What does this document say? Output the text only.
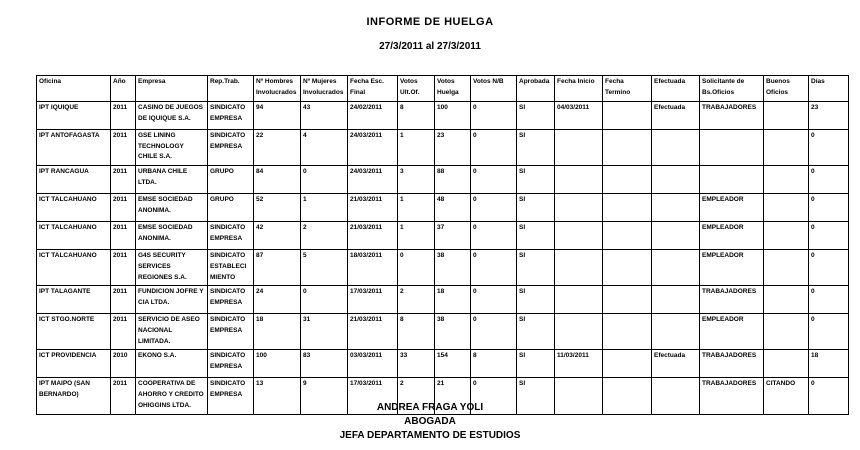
INFORME DE HUELGA
27/3/2011 al 27/3/2011
Oficina	Año	Empresa	Rep.Trab.	Nº Hombres Involucrados	Nº Mujeres Involucrados	Fecha Esc. Final	Votos Ult.Of.	Votos Huelga	Votos N/B	Aprobada	Fecha Inicio	Fecha Termino	Efectuada	Solicitante de Bs.Oficios	Buenos Oficios	Días
IPT IQUIQUE	2011	CASINO DE JUEGOS DE IQUIQUE S.A.	SINDICATO EMPRESA	94	43	24/02/2011	8	100	0	SI	04/03/2011		Efectuada	TRABAJADORES		23
IPT ANTOFAGASTA	2011	GSE LINING TECHNOLOGY CHILE S.A.	SINDICATO EMPRESA	22	4	24/03/2011	1	23	0	SI						0
IPT RANCAGUA	2011	URBANA CHILE LTDA.	GRUPO	84	0	24/03/2011	3	88	0	SI						0
ICT TALCAHUANO	2011	EMSE SOCIEDAD ANONIMA.	GRUPO	52	1	21/03/2011	1	48	0	SI				EMPLEADOR		0
ICT TALCAHUANO	2011	EMSE SOCIEDAD ANONIMA.	SINDICATO EMPRESA	42	2	21/03/2011	1	37	0	SI				EMPLEADOR		0
ICT TALCAHUANO	2011	G4S SECURITY SERVICES REGIONES S.A.	SINDICATO ESTABLECIMIENTO	87	5	18/03/2011	0	38	0	SI				EMPLEADOR		0
IPT TALAGANTE	2011	FUNDICION JOFRE Y CIA LTDA.	SINDICATO EMPRESA	24	0	17/03/2011	2	18	0	SI				TRABAJADORES		0
ICT STGO.NORTE	2011	SERVICIO DE ASEO NACIONAL LIMITADA.	SINDICATO EMPRESA	18	31	21/03/2011	8	38	0	SI				EMPLEADOR		0
ICT PROVIDENCIA	2010	EKONO S.A.	SINDICATO EMPRESA	100	83	03/03/2011	33	154	8	SI	11/03/2011		Efectuada	TRABAJADORES		18
IPT MAIPO (SAN BERNARDO)	2011	COOPERATIVA DE AHORRO Y CREDITO OHIGGINS LTDA.	SINDICATO EMPRESA	13	9	17/03/2011	2	21	0	SI				TRABAJADORES	CITANDO	0
ANDREA FRAGA YOLI
ABOGADA
JEFA DEPARTAMENTO DE ESTUDIOS
